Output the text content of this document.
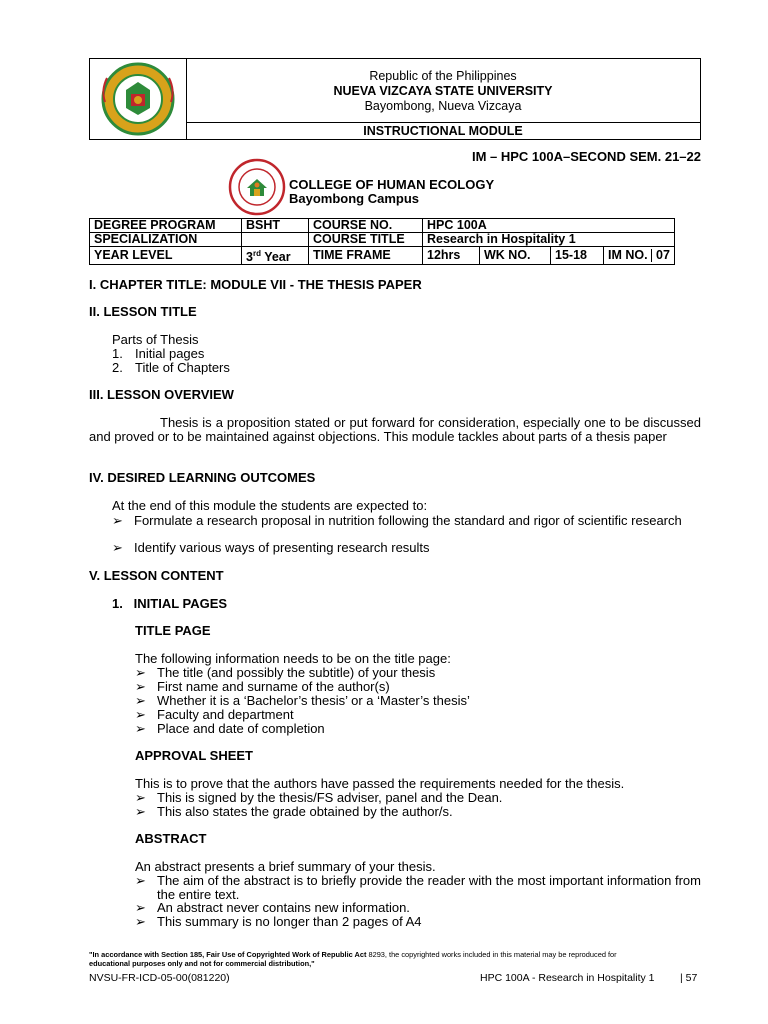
Republic of the Philippines
NUEVA VIZCAYA STATE UNIVERSITY
Bayombong, Nueva Vizcaya
INSTRUCTIONAL MODULE
IM – HPC 100A–SECOND SEM. 21–22
COLLEGE OF HUMAN ECOLOGY
Bayombong Campus
DEGREE PROGRAM	BSHT	COURSE NO.	HPC 100A			
SPECIALIZATION		COURSE TITLE	Research in Hospitality 1			
YEAR LEVEL	3rd Year	TIME FRAME	12hrs	WK NO.	15-18	IM NO. 07
I. CHAPTER TITLE: MODULE VII - THE THESIS PAPER
II. LESSON TITLE
Parts of Thesis
1. Initial pages
2. Title of Chapters
III. LESSON OVERVIEW
Thesis is a proposition stated or put forward for consideration, especially one to be discussed and proved or to be maintained against objections. This module tackles about parts of a thesis paper
IV. DESIRED LEARNING OUTCOMES
At the end of this module the students are expected to:
➢ Formulate a research proposal in nutrition following the standard and rigor of scientific research
➢ Identify various ways of presenting research results
V. LESSON CONTENT
1.   INITIAL PAGES
TITLE PAGE
The following information needs to be on the title page:
➢ The title (and possibly the subtitle) of your thesis
➢ First name and surname of the author(s)
➢ Whether it is a ‘Bachelor’s thesis’ or a ‘Master’s thesis’
➢ Faculty and department
➢ Place and date of completion
APPROVAL SHEET
This is to prove that the authors have passed the requirements needed for the thesis.
➢ This is signed by the thesis/FS adviser, panel and the Dean.
➢ This also states the grade obtained by the author/s.
ABSTRACT
An abstract presents a brief summary of your thesis.
➢ The aim of the abstract is to briefly provide the reader with the most important information from the entire text.
➢ An abstract never contains new information.
➢ This summary is no longer than 2 pages of A4
"In accordance with Section 185, Fair Use of Copyrighted Work of Republic Act 8293, the copyrighted works included in this material may be reproduced for
educational purposes only and not for commercial distribution,"
NVSU-FR-ICD-05-00(081220)	HPC 100A - Research in Hospitality 1 | 57
